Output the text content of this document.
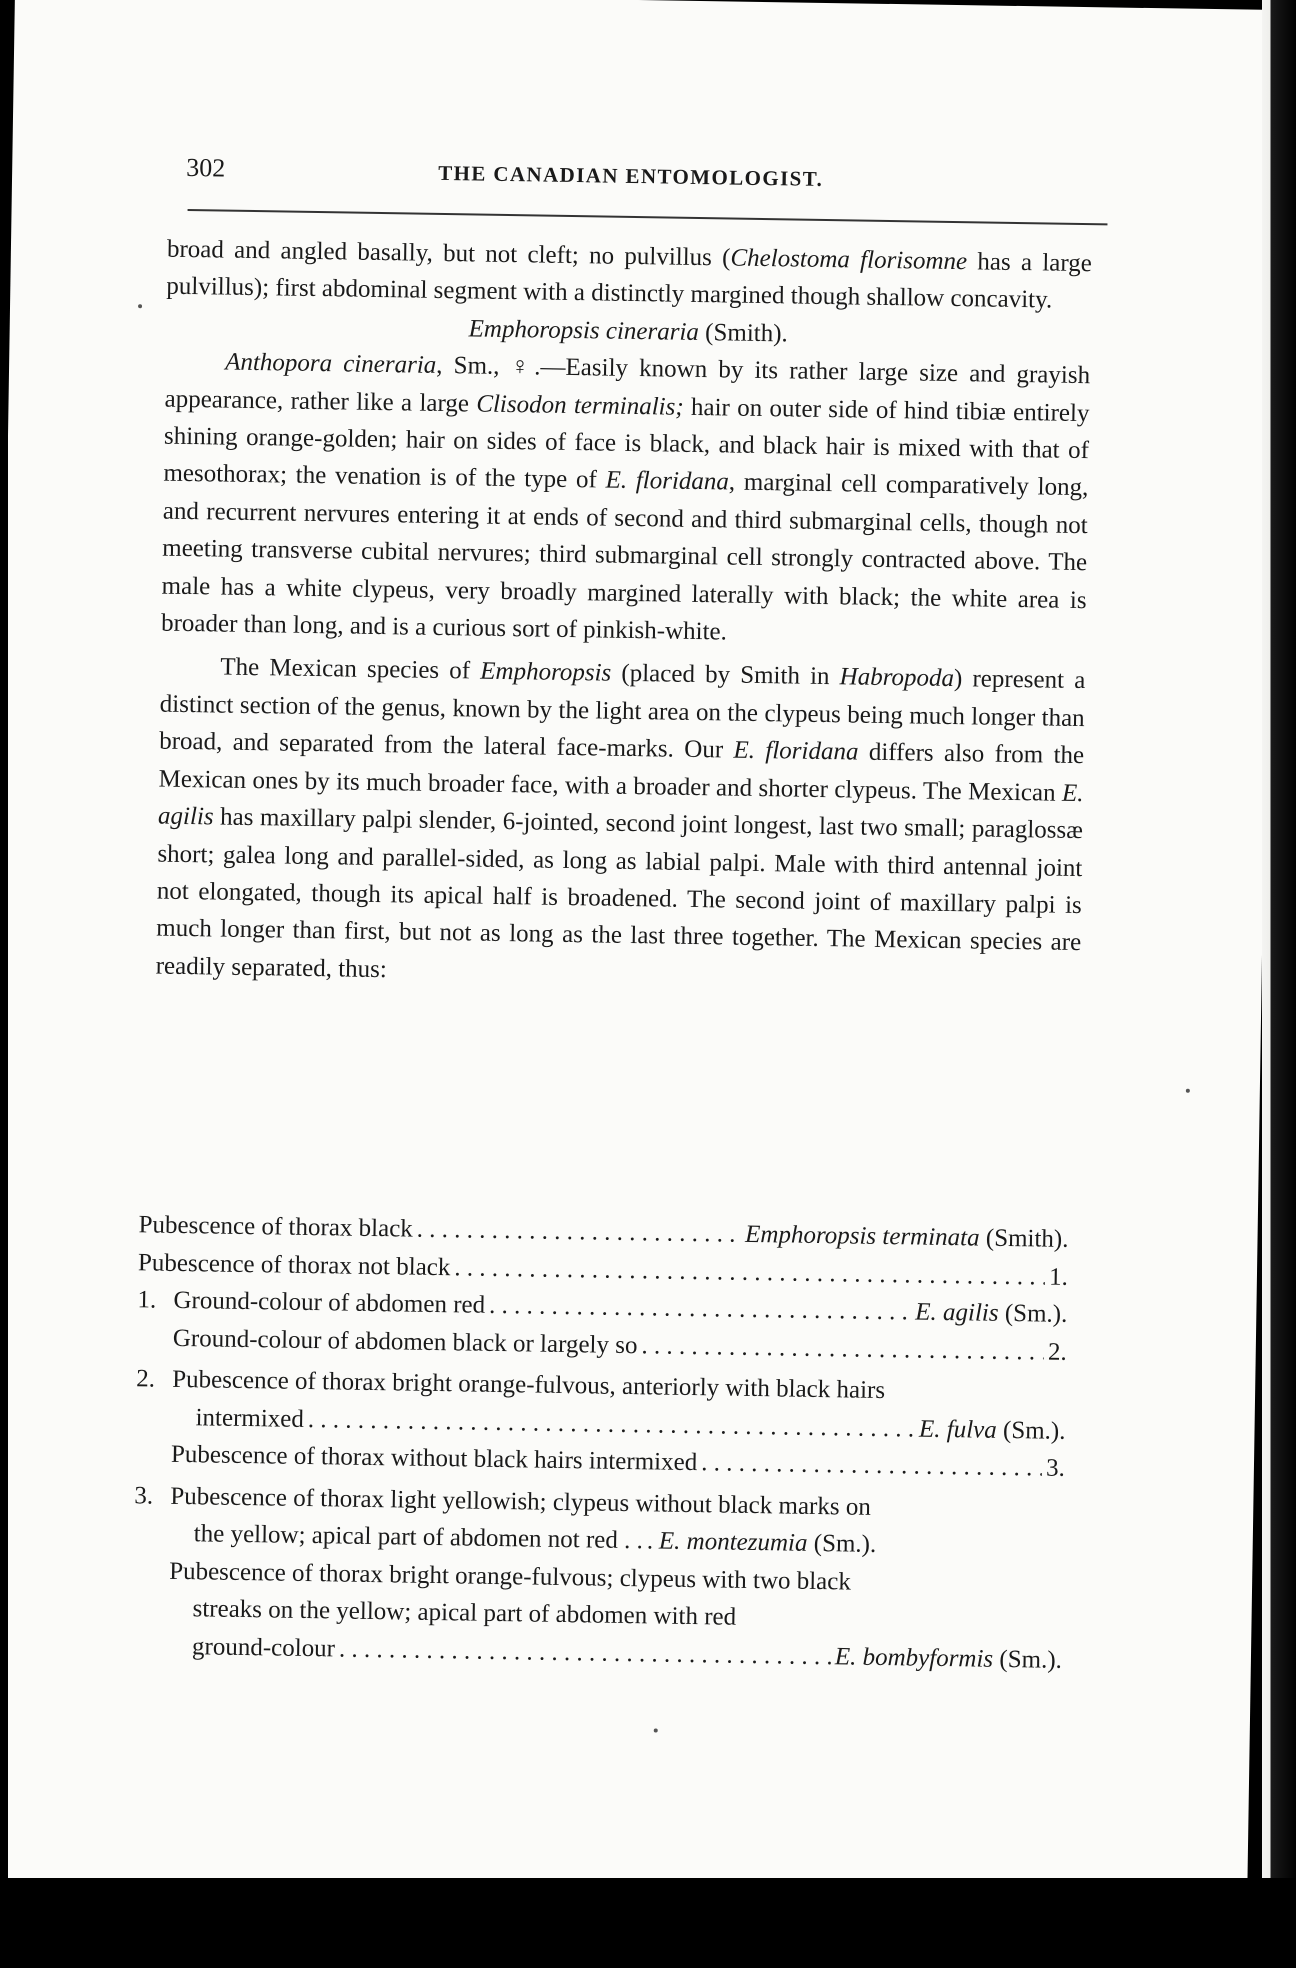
302	THE CANADIAN ENTOMOLOGIST.

broad and angled basally, but not cleft; no pulvillus (Chelostoma florisomne has a large pulvillus); first abdominal segment with a distinctly margined though shallow concavity.

Emphoropsis cineraria (Smith).

Anthopora cineraria, Sm., ♀.—Easily known by its rather large size and grayish appearance, rather like a large Clisodon terminalis; hair on outer side of hind tibiæ entirely shining orange-golden; hair on sides of face is black, and black hair is mixed with that of mesothorax; the venation is of the type of E. floridana, marginal cell comparatively long, and recurrent nervures entering it at ends of second and third submarginal cells, though not meeting transverse cubital nervures; third submarginal cell strongly contracted above. The male has a white clypeus, very broadly margined laterally with black; the white area is broader than long, and is a curious sort of pinkish-white.

The Mexican species of Emphoropsis (placed by Smith in Habropoda) represent a distinct section of the genus, known by the light area on the clypeus being much longer than broad, and separated from the lateral face-marks. Our E. floridana differs also from the Mexican ones by its much broader face, with a broader and shorter clypeus. The Mexican E. agilis has maxillary palpi slender, 6-jointed, second joint longest, last two small; paraglossæ short; galea long and parallel-sided, as long as labial palpi. Male with third antennal joint not elongated, though its apical half is broadened. The second joint of maxillary palpi is much longer than first, but not as long as the last three together. The Mexican species are readily separated, thus:

Pubescence of thorax black . . .	Emphoropsis terminata (Smith).
Pubescence of thorax not black . . .	1.
1. Ground-colour of abdomen red . . .	E. agilis (Sm.).
Ground-colour of abdomen black or largely so . . .	2.
2. Pubescence of thorax bright orange-fulvous, anteriorly with black hairs
intermixed . . .	E. fulva (Sm.).
Pubescence of thorax without black hairs intermixed . . .	3.
3. Pubescence of thorax light yellowish; clypeus without black marks on
the yellow; apical part of abdomen not red . . . . . E. montezumia (Sm.).
Pubescence of thorax bright orange-fulvous; clypeus with two black
streaks on the yellow; apical part of abdomen with red
ground-colour . . .	E. bombyformis (Sm.).
